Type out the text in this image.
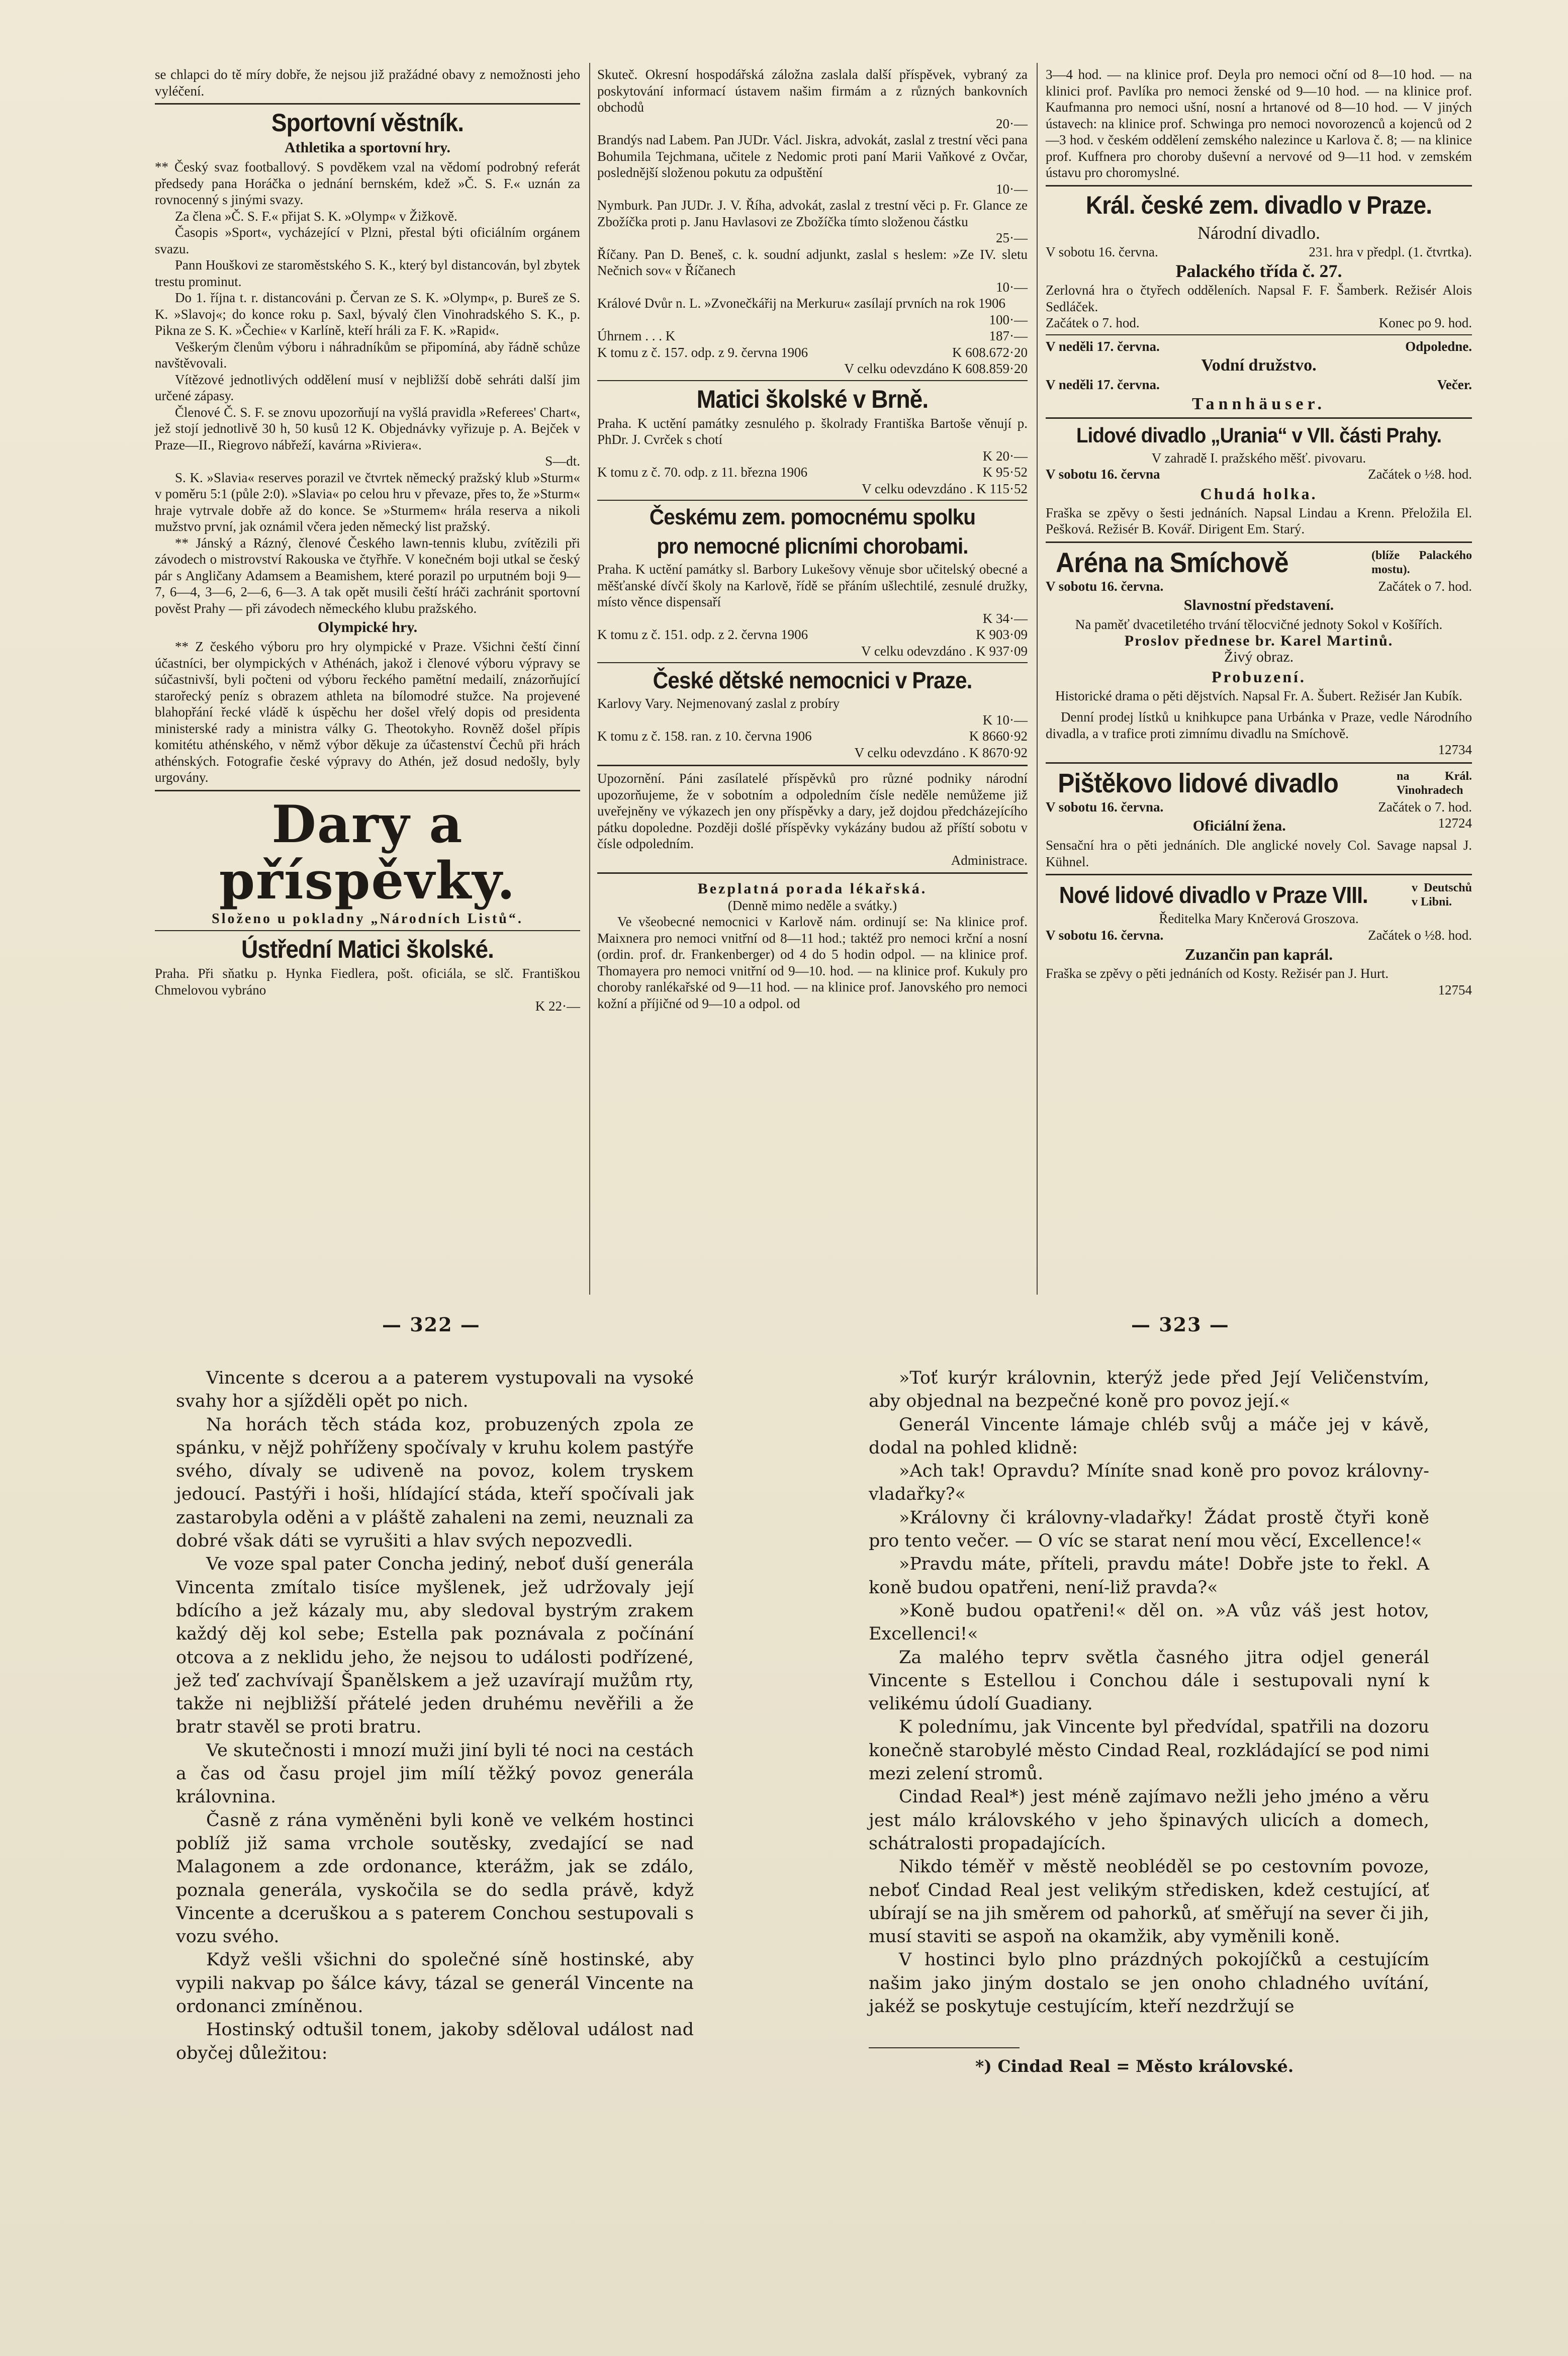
se chlapci do tě míry dobře, že nejsou již pražádné obavy z nemožnosti jeho vyléčení.

Sportovní věstník.
Athletika a sportovní hry.

** Český svaz footballový. S povděkem vzal na vědomí podrobný referát předsedy pana Horáčka o jednání bernském, kdež »Č. S. F.« uznán za rovnocenný s jinými svazy.

Za člena »Č. S. F.« přijat S. K. »Olymp« v Žižkově.

Časopis »Sport«, vycházející v Plzni, přestal býti oficiálním orgánem svazu.

Pann Houškovi ze staroměstského S. K., který byl distancován, byl zbytek trestu prominut.

Do 1. října t. r. distancováni p. Červan ze S. K. »Olymp«, p. Bureš ze S. K. »Slavoj«; do konce roku p. Saxl, bývalý člen Vinohradského S. K., p. Pikna ze S. K. »Čechie« v Karlíně, kteří hráli za F. K. »Rapid«.

Veškerým členům výboru i náhradníkům se připomíná, aby řádně schůze navštěvovali.

Vítězové jednotlivých oddělení musí v nejbližší době sehráti další jim určené zápasy.

Členové Č. S. F. se znovu upozorňují na vyšlá pravidla »Referees' Chart«, jež stojí jednotlivě 30 h, 50 kusů 12 K. Objednávky vyřizuje p. A. Bejček v Praze—II., Riegrovo nábřeží, kavárna »Riviera«.

S—dt.

S. K. »Slavia« reserves porazil ve čtvrtek německý pražský klub »Sturm« v poměru 5:1 (půle 2:0). »Slavia« po celou hru v převaze, přes to, že »Sturm« hraje vytrvale dobře až do konce. Se »Sturmem« hrála reserva a nikoli mužstvo první, jak oznámil včera jeden německý list pražský.

** Jánský a Rázný, členové Českého lawn-tennis klubu, zvítězili při závodech o mistrovství Rakouska ve čtyřhře. V konečném boji utkal se český pár s Angličany Adamsem a Beamishem, které porazil po urputném boji 9—7, 6—4, 3—6, 2—6, 6—3. A tak opět musili čeští hráči zachránit sportovní pověst Prahy — při závodech německého klubu pražského.

Olympické hry.

** Z českého výboru pro hry olympické v Praze. Všichni čeští činní účastníci, ber olympických v Athénách, jakož i členové výboru výpravy se súčastnivší, byli počteni od výboru řeckého pamětní medailí, znázorňující starořecký peníz s obrazem athleta na bílomodré stužce. Na projevené blahopřání řecké vládě k úspěchu her došel vřelý dopis od presidenta ministerské rady a ministra války G. Theotokyho. Rovněž došel přípis komitétu athénského, v němž výbor děkuje za účastenství Čechů při hrách athénských. Fotografie české výpravy do Athén, jež dosud nedošly, byly urgovány.

Dary a příspěvky.
Složeno u pokladny „Národních Listů“.
Ústřední Matici školské.

Praha. Při sňatku p. Hynka Fiedlera, pošt. oficiála, se slč. Františkou Chmelovou vybráno

K 22·—

Skuteč. Okresní hospodářská záložna zaslala další příspěvek, vybraný za poskytování informací ústavem našim firmám a z různých bankovních obchodů

20·—

Brandýs nad Labem. Pan JUDr. Václ. Jiskra, advokát, zaslal z trestní věci pana Bohumila Tejchmana, učitele z Nedomic proti paní Marii Vaňkové z Ovčar, poslednější složenou pokutu za odpuštění

10·—

Nymburk. Pan JUDr. J. V. Říha, advokát, zaslal z trestní věci p. Fr. Glance ze Zbožíčka proti p. Janu Havlasovi ze Zbožíčka tímto složenou částku

25·—

Říčany. Pan D. Beneš, c. k. soudní adjunkt, zaslal s heslem: »Ze IV. sletu Nečnich sov« v Říčanech

10·—

Králové Dvůr n. L. »Zvonečkářij na Merkuru« zasílají prvních na rok 1906

100·—

Úhrnem . . . K	187·—
K tomu z č. 157. odp. z 9. června 1906	K 608.672·20

V celku odevzdáno K 608.859·20

Matici školské v Brně.

Praha. K uctění památky zesnulého p. školrady Františka Bartoše věnují p. PhDr. J. Cvrček s chotí

K 20·—

K tomu z č. 70. odp. z 11. března 1906	K 95·52

V celku odevzdáno . K 115·52

Českému zem. pomocnému spolku
pro nemocné plicními chorobami.

Praha. K uctění památky sl. Barbory Lukešovy věnuje sbor učitelský obecné a měšťanské dívčí školy na Karlově, řídě se přáním ušlechtilé, zesnulé družky, místo věnce dispensaří

K 34·—

K tomu z č. 151. odp. z 2. června 1906	K 903·09

V celku odevzdáno . K 937·09

České dětské nemocnici v Praze.

Karlovy Vary. Nejmenovaný zaslal z probíry

K 10·—

K tomu z č. 158. ran. z 10. června 1906	K 8660·92

V celku odevzdáno . K 8670·92

Upozornění. Páni zasílatelé příspěvků pro různé podniky národní upozorňujeme, že v sobotním a odpoledním čísle neděle nemůžeme již uveřejněny ve výkazech jen ony příspěvky a dary, jež dojdou předcházejícího pátku dopoledne. Později došlé příspěvky vykázány budou až příští sobotu v čísle odpoledním.

Administrace.

Bezplatná porada lékařská.
(Denně mimo neděle a svátky.)

Ve všeobecné nemocnici v Karlově nám. ordinují se: Na klinice prof. Maixnera pro nemoci vnitřní od 8—11 hod.; taktéž pro nemoci krční a nosní (ordin. prof. dr. Frankenberger) od 4 do 5 hodin odpol. — na klinice prof. Thomayera pro nemoci vnitřní od 9—10. hod. — na klinice prof. Kukuly pro choroby ranlékařské od 9—11 hod. — na klinice prof. Janovského pro nemoci kožní a příjičné od 9—10 a odpol. od

3—4 hod. — na klinice prof. Deyla pro nemoci oční od 8—10 hod. — na klinici prof. Pavlíka pro nemoci ženské od 9—10 hod. — na klinice prof. Kaufmanna pro nemoci ušní, nosní a hrtanové od 8—10 hod. — V jiných ústavech: na klinice prof. Schwinga pro nemoci novorozenců a kojenců od 2—3 hod. v českém oddělení zemského nalezince u Karlova č. 8; — na klinice prof. Kuffnera pro choroby duševní a nervové od 9—11 hod. v zemském ústavu pro choromyslné.

Král. české zem. divadlo v Praze.
Národní divadlo.
V sobotu 16. června.	231. hra v předpl. (1. čtvrtka).
Palackého třída č. 27.

Zerlovná hra o čtyřech odděleních. Napsal F. F. Šamberk. Režisér Alois Sedláček.

Začátek o 7. hod.	Konec po 9. hod.
V neděli 17. června.	Odpoledne.
Vodní družstvo.
V neděli 17. června.	Večer.
Tannhäuser.
Lidové divadlo „Urania“ v VII. části Prahy.
V zahradě I. pražského měšť. pivovaru.
V sobotu 16. června	Začátek o ½8. hod.
Chudá holka.

Fraška se zpěvy o šesti jednáních. Napsal Lindau a Krenn. Přeložila El. Pešková. Režisér B. Kovář. Dirigent Em. Starý.

Aréna na Smíchově	(blíže Palackého mostu).
V sobotu 16. června.	Začátek o 7. hod.
Slavnostní představení.

Na paměť dvacetiletého trvání tělocvičné jednoty Sokol v Košířích.

Proslov přednese br. Karel Martinů.

Živý obraz.

Probuzení.

Historické drama o pěti dějstvích. Napsal Fr. A. Šubert. Režisér Jan Kubík.

Denní prodej lístků u knihkupce pana Urbánka v Praze, vedle Národního divadla, a v trafice proti zimnímu divadlu na Smíchově.

12734

Pištěkovo lidové divadlo	na Král. Vinohradech
V sobotu 16. června.	Začátek o 7. hod.
Oficiální žena.	12724

Sensační hra o pěti jednáních. Dle anglické novely Col. Savage napsal J. Kühnel.

Nové lidové divadlo v Praze VIII.	v Deutschů v Libni.

Ředitelka Mary Knčerová Groszova.

V sobotu 16. června.	Začátek o ½8. hod.
Zuzančin pan kaprál.

Fraška se zpěvy o pěti jednáních od Kosty. Režisér pan J. Hurt.

12754

— 322 —	— 323 —

Vincente s dcerou a a paterem vystupovali na vysoké svahy hor a sjížděli opět po nich.

Na horách těch stáda koz, probuzených zpola ze spánku, v nějž pohříženy spočívaly v kruhu kolem pastýře svého, dívaly se udiveně na povoz, kolem tryskem jedoucí. Pastýři i hoši, hlídající stáda, kteří spočívali jak zastarobyla oděni a v pláště zahaleni na zemi, neuznali za dobré však dáti se vyrušiti a hlav svých nepozvedli.

Ve voze spal pater Concha jediný, neboť duší generála Vincenta zmítalo tisíce myšlenek, jež udržovaly její bdícího a jež kázaly mu, aby sledoval bystrým zrakem každý děj kol sebe; Estella pak poznávala z počínání otcova a z neklidu jeho, že nejsou to události podřízené, jež teď zachvívají Španělskem a jež uzavírají mužům rty, takže ni nejbližší přátelé jeden druhému nevěřili a že bratr stavěl se proti bratru.

Ve skutečnosti i mnozí muži jiní byli té noci na cestách a čas od času projel jim mílí těžký povoz generála královnina.

Časně z rána vyměněni byli koně ve velkém hostinci poblíž již sama vrchole soutěsky, zvedající se nad Malagonem a zde ordonance, kterážm, jak se zdálo, poznala generála, vyskočila se do sedla právě, když Vincente a dceruškou a s paterem Conchou sestupovali s vozu svého.

Když vešli všichni do společné síně hostinské, aby vypili nakvap po šálce kávy, tázal se generál Vincente na ordonanci zmíněnou.

Hostinský odtušil tonem, jakoby sděloval událost nad obyčej důležitou:

»Toť kurýr královnin, kterýž jede před Její Veličenstvím, aby objednal na bezpečné koně pro povoz její.«

Generál Vincente lámaje chléb svůj a máče jej v kávě, dodal na pohled klidně:

»Ach tak! Opravdu? Míníte snad koně pro povoz královny-vladařky?«

»Královny či královny-vladařky! Žádat prostě čtyři koně pro tento večer. — O víc se starat není mou věcí, Excellence!«

»Pravdu máte, příteli, pravdu máte! Dobře jste to řekl. A koně budou opatřeni, není-liž pravda?«

»Koně budou opatřeni!« děl on. »A vůz váš jest hotov, Excellenci!«

Za malého teprv světla časného jitra odjel generál Vincente s Estellou i Conchou dále i sestupovali nyní k velikému údolí Guadiany.

K polednímu, jak Vincente byl předvídal, spatřili na dozoru konečně starobylé město Cindad Real, rozkládající se pod nimi mezi zelení stromů.

Cindad Real*) jest méně zajímavo nežli jeho jméno a věru jest málo královského v jeho špinavých ulicích a domech, schátralosti propadajících.

Nikdo téměř v městě neobléděl se po cestovním povoze, neboť Cindad Real jest velikým středisken, kdež cestující, ať ubírají se na jih směrem od pahorků, ať směřují na sever či jih, musí staviti se aspoň na okamžik, aby vyměnili koně.

V hostinci bylo plno prázdných pokojíčků a cestujícím našim jako jiným dostalo se jen onoho chladného uvítání, jakéž se poskytuje cestujícím, kteří nezdržují se

*) Cindad Real = Město královské.
